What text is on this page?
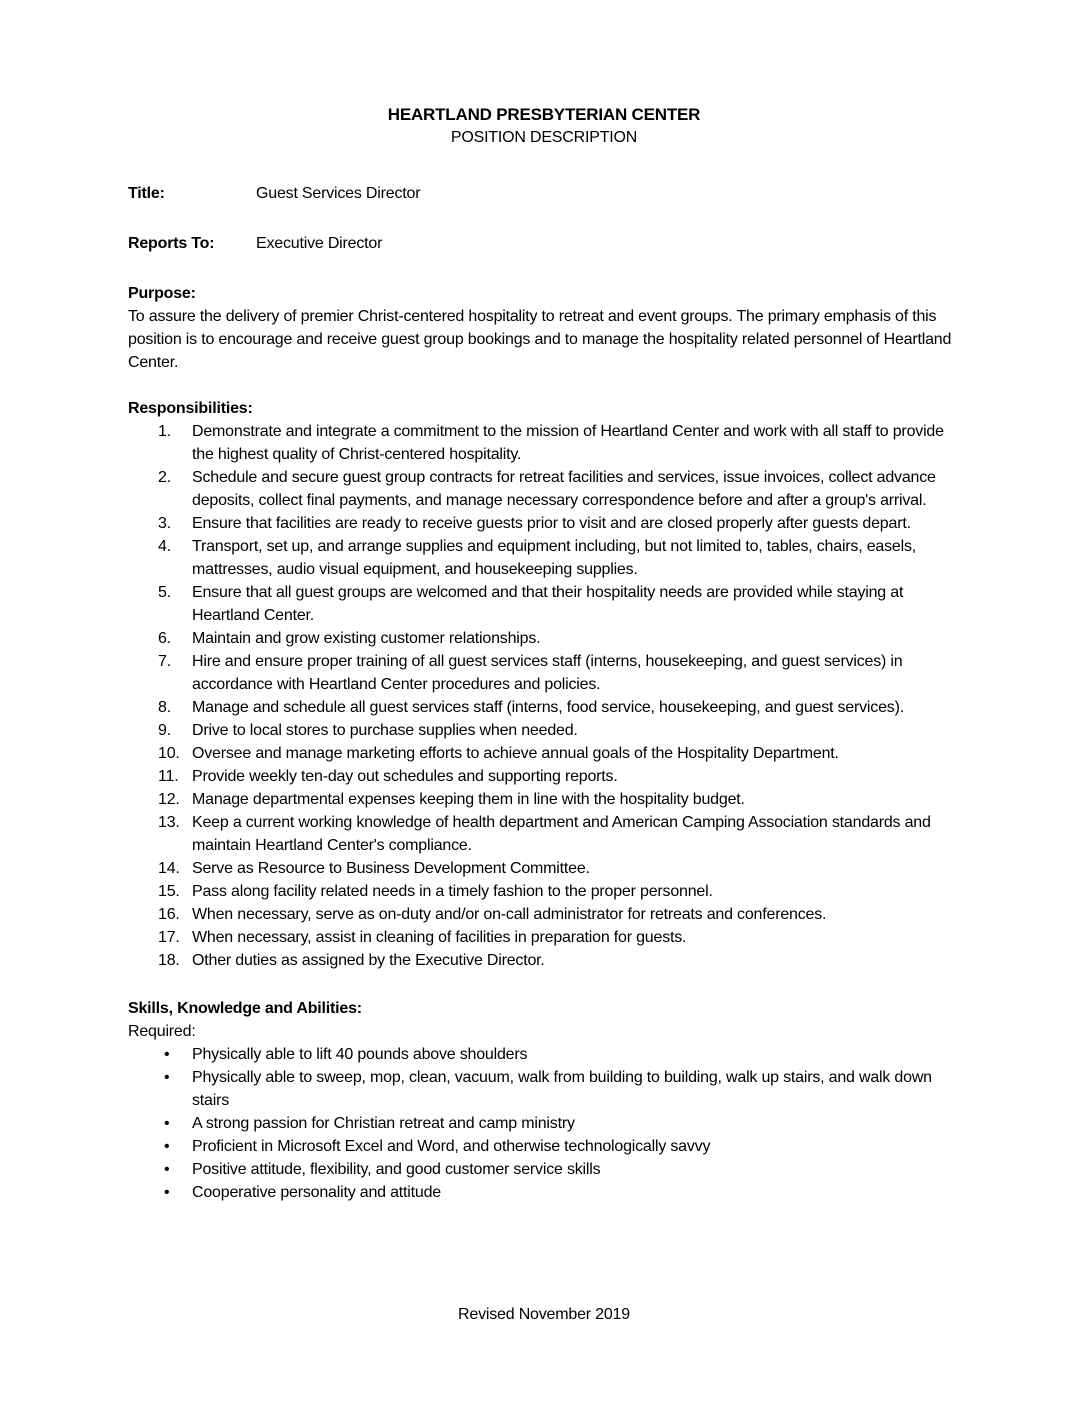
HEARTLAND PRESBYTERIAN CENTER
POSITION DESCRIPTION
Title:	Guest Services Director
Reports To:	Executive Director
Purpose:
To assure the delivery of premier Christ-centered hospitality to retreat and event groups. The primary emphasis of this position is to encourage and receive guest group bookings and to manage the hospitality related personnel of Heartland Center.
Responsibilities:
Demonstrate and integrate a commitment to the mission of Heartland Center and work with all staff to provide the highest quality of Christ-centered hospitality.
Schedule and secure guest group contracts for retreat facilities and services, issue invoices, collect advance deposits, collect final payments, and manage necessary correspondence before and after a group's arrival.
Ensure that facilities are ready to receive guests prior to visit and are closed properly after guests depart.
Transport, set up, and arrange supplies and equipment including, but not limited to, tables, chairs, easels, mattresses, audio visual equipment, and housekeeping supplies.
Ensure that all guest groups are welcomed and that their hospitality needs are provided while staying at Heartland Center.
Maintain and grow existing customer relationships.
Hire and ensure proper training of all guest services staff (interns, housekeeping, and guest services) in accordance with Heartland Center procedures and policies.
Manage and schedule all guest services staff (interns, food service, housekeeping, and guest services).
Drive to local stores to purchase supplies when needed.
Oversee and manage marketing efforts to achieve annual goals of the Hospitality Department.
Provide weekly ten-day out schedules and supporting reports.
Manage departmental expenses keeping them in line with the hospitality budget.
Keep a current working knowledge of health department and American Camping Association standards and maintain Heartland Center's compliance.
Serve as Resource to Business Development Committee.
Pass along facility related needs in a timely fashion to the proper personnel.
When necessary, serve as on-duty and/or on-call administrator for retreats and conferences.
When necessary, assist in cleaning of facilities in preparation for guests.
Other duties as assigned by the Executive Director.
Skills, Knowledge and Abilities:
Required:
• Physically able to lift 40 pounds above shoulders
• Physically able to sweep, mop, clean, vacuum, walk from building to building, walk up stairs, and walk down stairs
• A strong passion for Christian retreat and camp ministry
• Proficient in Microsoft Excel and Word, and otherwise technologically savvy
• Positive attitude, flexibility, and good customer service skills
• Cooperative personality and attitude
Revised November 2019
